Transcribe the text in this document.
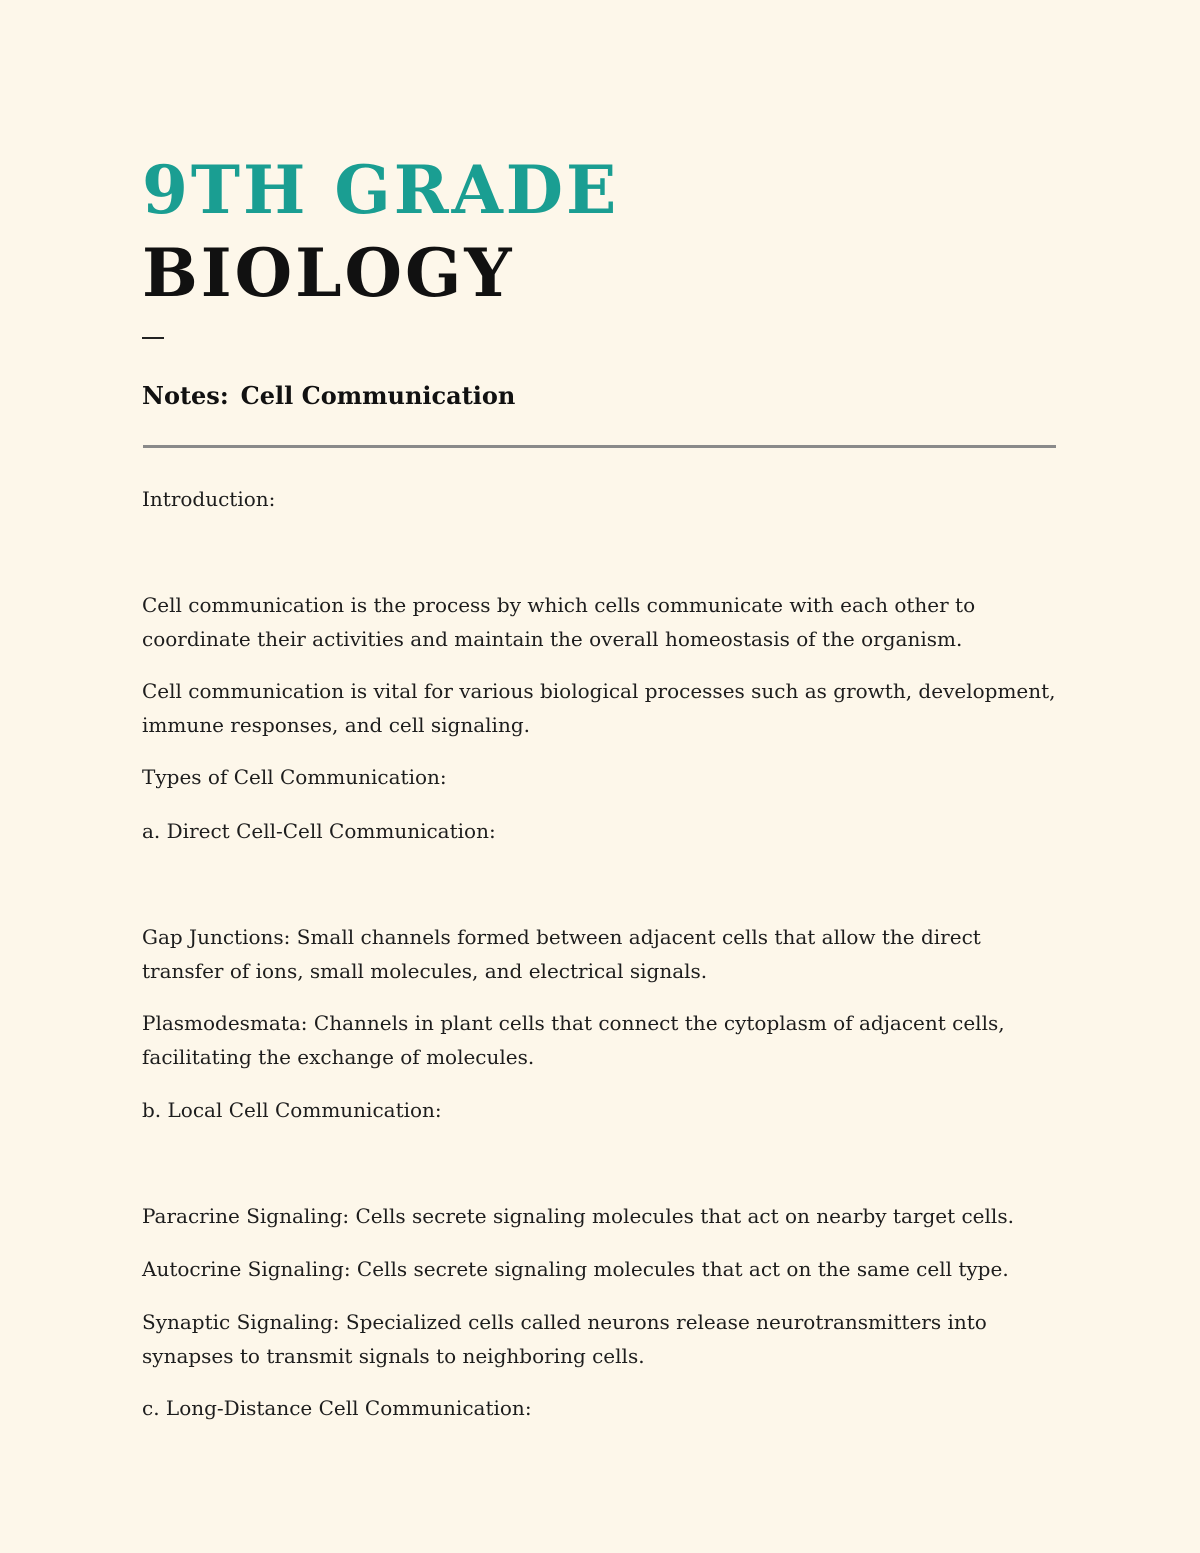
9TH GRADE
BIOLOGY

Notes: Cell Communication

Introduction:

Cell communication is the process by which cells communicate with each other to coordinate their activities and maintain the overall homeostasis of the organism.

Cell communication is vital for various biological processes such as growth, development, immune responses, and cell signaling.

Types of Cell Communication:

a. Direct Cell-Cell Communication:

Gap Junctions: Small channels formed between adjacent cells that allow the direct transfer of ions, small molecules, and electrical signals.

Plasmodesmata: Channels in plant cells that connect the cytoplasm of adjacent cells, facilitating the exchange of molecules.

b. Local Cell Communication:

Paracrine Signaling: Cells secrete signaling molecules that act on nearby target cells.

Autocrine Signaling: Cells secrete signaling molecules that act on the same cell type.

Synaptic Signaling: Specialized cells called neurons release neurotransmitters into synapses to transmit signals to neighboring cells.

c. Long-Distance Cell Communication:
